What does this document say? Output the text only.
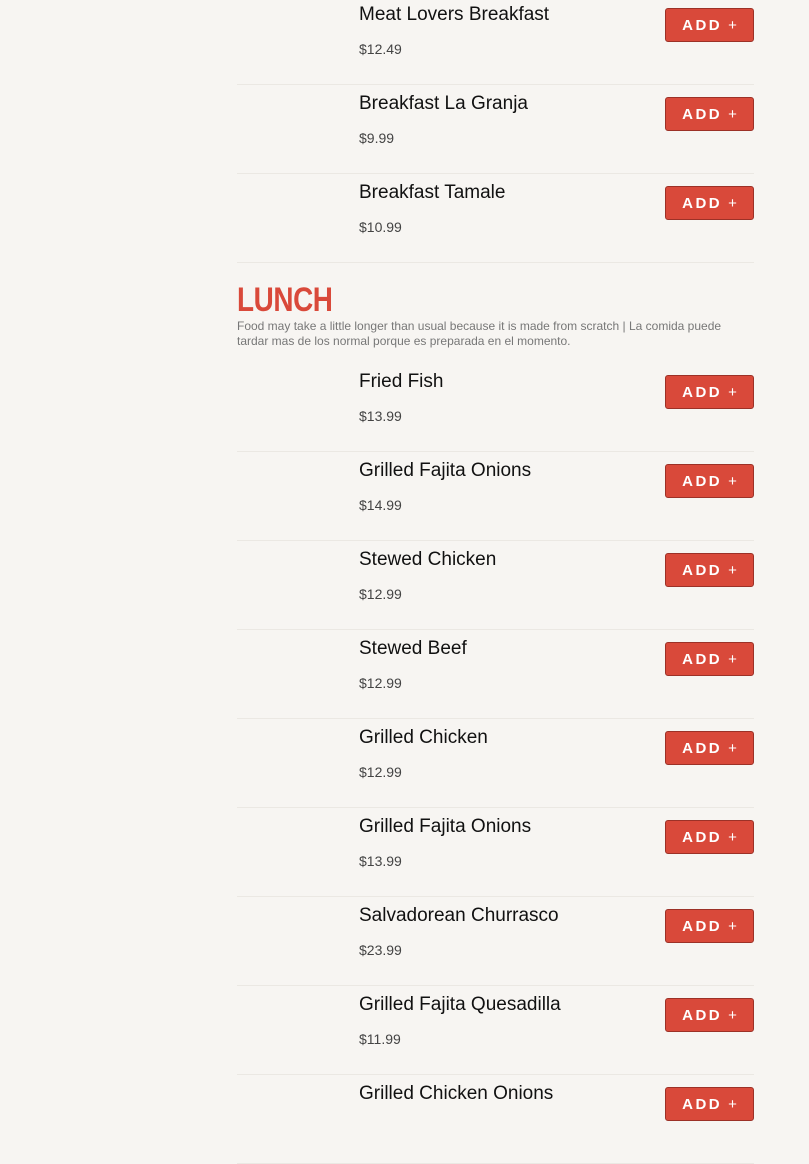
Meat Lovers Breakfast
$12.49
ADD +
Breakfast La Granja
$9.99
ADD +
Breakfast Tamale
$10.99
ADD +
LUNCH
Food may take a little longer than usual because it is made from scratch | La comida puede tardar mas de los normal porque es preparada en el momento.
Fried Fish
$13.99
ADD +
Grilled Fajita Onions
$14.99
ADD +
Stewed Chicken
$12.99
ADD +
Stewed Beef
$12.99
ADD +
Grilled Chicken
$12.99
ADD +
Grilled Fajita Onions
$13.99
ADD +
Salvadorean Churrasco
$23.99
ADD +
Grilled Fajita Quesadilla
$11.99
ADD +
Grilled Chicken Onions	ADD +
